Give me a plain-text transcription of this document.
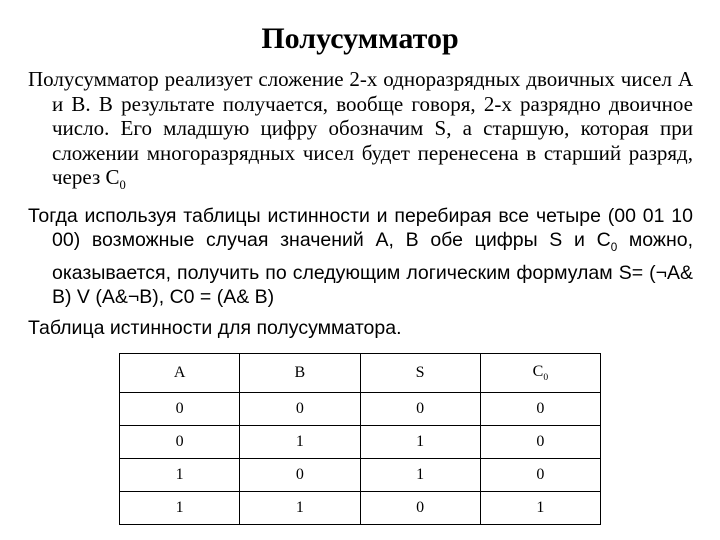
Полусумматор

Полусумматор реализует сложение 2-х одноразрядных двоичных чисел А и В. В результате получается, вообще говоря, 2-х разрядно двоичное число. Его младшую цифру обозначим S, а старшую, которая при сложении многоразрядных чисел будет перенесена в старший разряд, через $C_0$

Тогда используя таблицы истинности и перебирая все четыре (00 01 10 00) возможные случая значений A, B обе цифры S и $C_0$ можно, оказывается, получить по следующим логическим формулам S= (¬A& B) V (A&¬B), C0 = (A& B)

Таблица истинности для полусумматора.

A	B	S	$C_0$
0	0	0	0
0	1	1	0
1	0	1	0
1	1	0	1
